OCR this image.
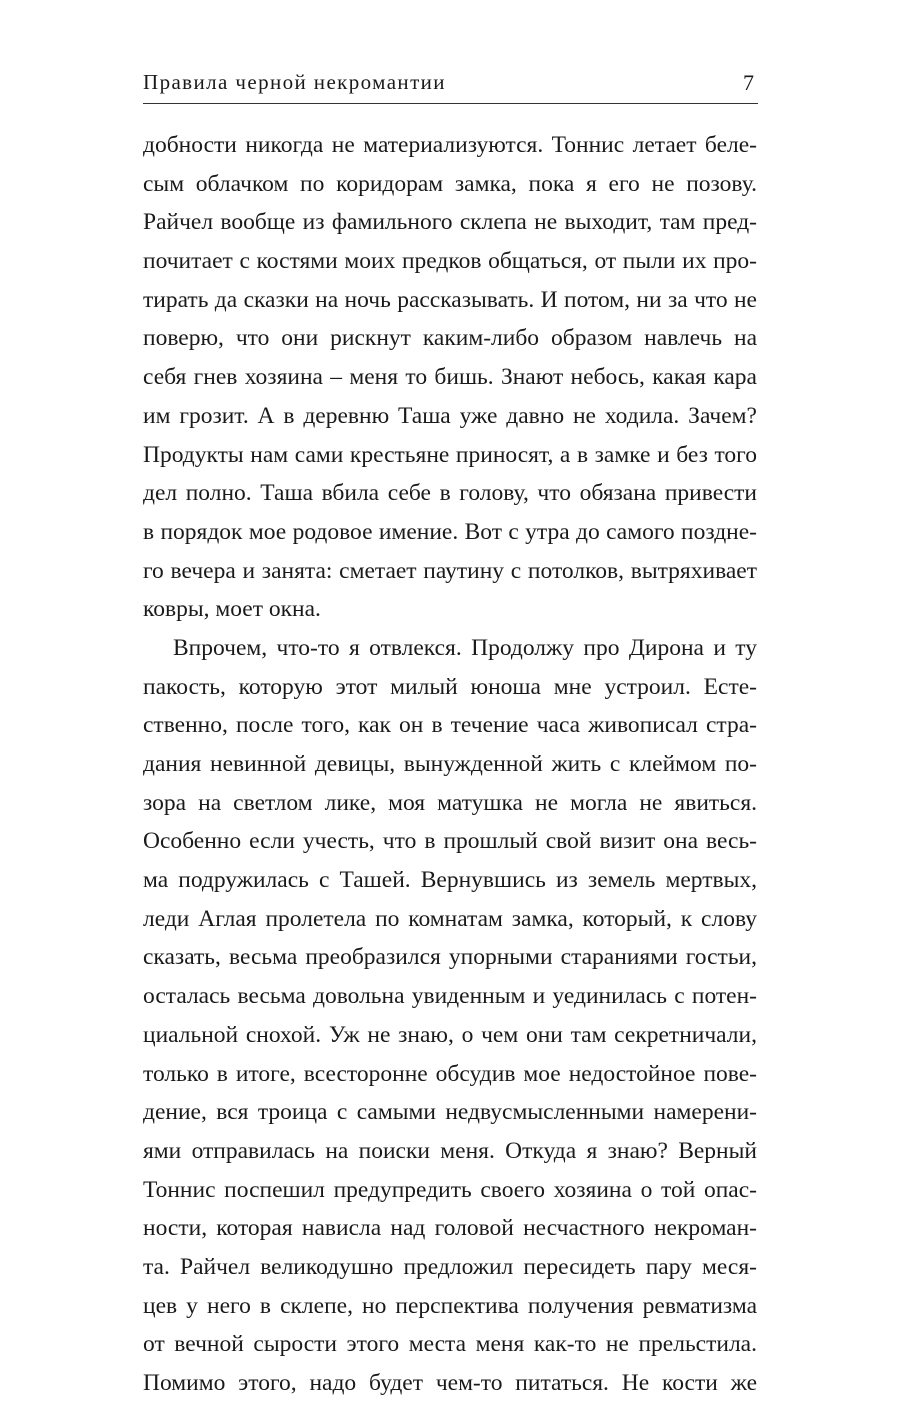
Правила черной некромантии	7
добности никогда не материализуются. Тоннис летает беле-
сым облачком по коридорам замка, пока я его не позову.
Райчел вообще из фамильного склепа не выходит, там пред-
почитает с костями моих предков общаться, от пыли их про-
тирать да сказки на ночь рассказывать. И потом, ни за что не
поверю, что они рискнут каким-либо образом навлечь на
себя гнев хозяина – меня то бишь. Знают небось, какая кара
им грозит. А в деревню Таша уже давно не ходила. Зачем?
Продукты нам сами крестьяне приносят, а в замке и без того
дел полно. Таша вбила себе в голову, что обязана привести
в порядок мое родовое имение. Вот с утра до самого поздне-
го вечера и занята: сметает паутину с потолков, вытряхивает
ковры, моет окна.
Впрочем, что-то я отвлекся. Продолжу про Дирона и ту
пакость, которую этот милый юноша мне устроил. Есте-
ственно, после того, как он в течение часа живописал стра-
дания невинной девицы, вынужденной жить с клеймом по-
зора на светлом лике, моя матушка не могла не явиться.
Особенно если учесть, что в прошлый свой визит она весь-
ма подружилась с Ташей. Вернувшись из земель мертвых,
леди Аглая пролетела по комнатам замка, который, к слову
сказать, весьма преобразился упорными стараниями гостьи,
осталась весьма довольна увиденным и уединилась с потен-
циальной снохой. Уж не знаю, о чем они там секретничали,
только в итоге, всесторонне обсудив мое недостойное пове-
дение, вся троица с самыми недвусмысленными намерени-
ями отправилась на поиски меня. Откуда я знаю? Верный
Тоннис поспешил предупредить своего хозяина о той опас-
ности, которая нависла над головой несчастного некроман-
та. Райчел великодушно предложил пересидеть пару меся-
цев у него в склепе, но перспектива получения ревматизма
от вечной сырости этого места меня как-то не прельстила.
Помимо этого, надо будет чем-то питаться. Не кости же
